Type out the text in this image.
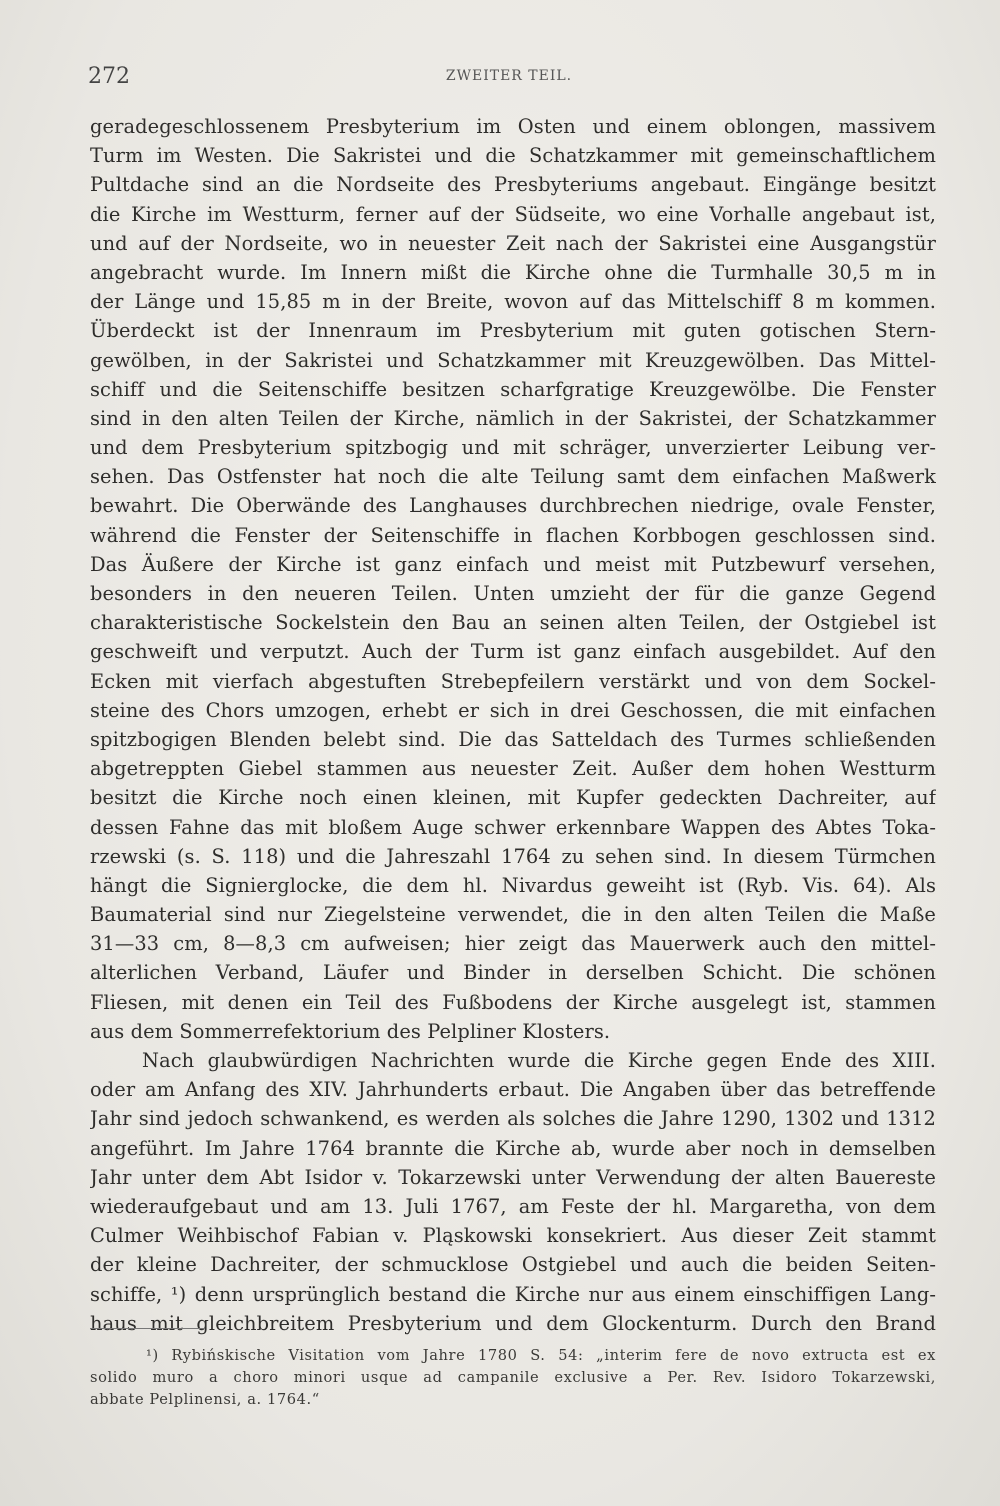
272	ZWEITER TEIL.
geradegeschlossenem Presbyterium im Osten und einem oblongen, massivem
Turm im Westen. Die Sakristei und die Schatzkammer mit gemeinschaftlichem
Pultdache sind an die Nordseite des Presbyteriums angebaut. Eingänge besitzt
die Kirche im Westturm, ferner auf der Südseite, wo eine Vorhalle angebaut ist,
und auf der Nordseite, wo in neuester Zeit nach der Sakristei eine Ausgangstür
angebracht wurde. Im Innern mißt die Kirche ohne die Turmhalle 30,5 m in
der Länge und 15,85 m in der Breite, wovon auf das Mittelschiff 8 m kommen.
Überdeckt ist der Innenraum im Presbyterium mit guten gotischen Stern-
gewölben, in der Sakristei und Schatzkammer mit Kreuzgewölben. Das Mittel-
schiff und die Seitenschiffe besitzen scharfgratige Kreuzgewölbe. Die Fenster
sind in den alten Teilen der Kirche, nämlich in der Sakristei, der Schatzkammer
und dem Presbyterium spitzbogig und mit schräger, unverzierter Leibung ver-
sehen. Das Ostfenster hat noch die alte Teilung samt dem einfachen Maßwerk
bewahrt. Die Oberwände des Langhauses durchbrechen niedrige, ovale Fenster,
während die Fenster der Seitenschiffe in flachen Korbbogen geschlossen sind.
Das Äußere der Kirche ist ganz einfach und meist mit Putzbewurf versehen,
besonders in den neueren Teilen. Unten umzieht der für die ganze Gegend
charakteristische Sockelstein den Bau an seinen alten Teilen, der Ostgiebel ist
geschweift und verputzt. Auch der Turm ist ganz einfach ausgebildet. Auf den
Ecken mit vierfach abgestuften Strebepfeilern verstärkt und von dem Sockel-
steine des Chors umzogen, erhebt er sich in drei Geschossen, die mit einfachen
spitzbogigen Blenden belebt sind. Die das Satteldach des Turmes schließenden
abgetreppten Giebel stammen aus neuester Zeit. Außer dem hohen Westturm
besitzt die Kirche noch einen kleinen, mit Kupfer gedeckten Dachreiter, auf
dessen Fahne das mit bloßem Auge schwer erkennbare Wappen des Abtes Toka-
rzewski (s. S. 118) und die Jahreszahl 1764 zu sehen sind. In diesem Türmchen
hängt die Signierglocke, die dem hl. Nivardus geweiht ist (Ryb. Vis. 64). Als
Baumaterial sind nur Ziegelsteine verwendet, die in den alten Teilen die Maße
31—33 cm, 8—8,3 cm aufweisen; hier zeigt das Mauerwerk auch den mittel-
alterlichen Verband, Läufer und Binder in derselben Schicht. Die schönen
Fliesen, mit denen ein Teil des Fußbodens der Kirche ausgelegt ist, stammen
aus dem Sommerrefektorium des Pelpliner Klosters.
Nach glaubwürdigen Nachrichten wurde die Kirche gegen Ende des XIII.
oder am Anfang des XIV. Jahrhunderts erbaut. Die Angaben über das betreffende
Jahr sind jedoch schwankend, es werden als solches die Jahre 1290, 1302 und 1312
angeführt. Im Jahre 1764 brannte die Kirche ab, wurde aber noch in demselben
Jahr unter dem Abt Isidor v. Tokarzewski unter Verwendung der alten Bauereste
wiederaufgebaut und am 13. Juli 1767, am Feste der hl. Margaretha, von dem
Culmer Weihbischof Fabian v. Pląskowski konsekriert. Aus dieser Zeit stammt
der kleine Dachreiter, der schmucklose Ostgiebel und auch die beiden Seiten-
schiffe, ¹) denn ursprünglich bestand die Kirche nur aus einem einschiffigen Lang-
haus mit gleichbreitem Presbyterium und dem Glockenturm. Durch den Brand
¹) Rybińskische Visitation vom Jahre 1780 S. 54: „interim fere de novo extructa est ex
solido muro a choro minori usque ad campanile exclusive a Per. Rev. Isidoro Tokarzewski,
abbate Pelplinensi, a. 1764.“
